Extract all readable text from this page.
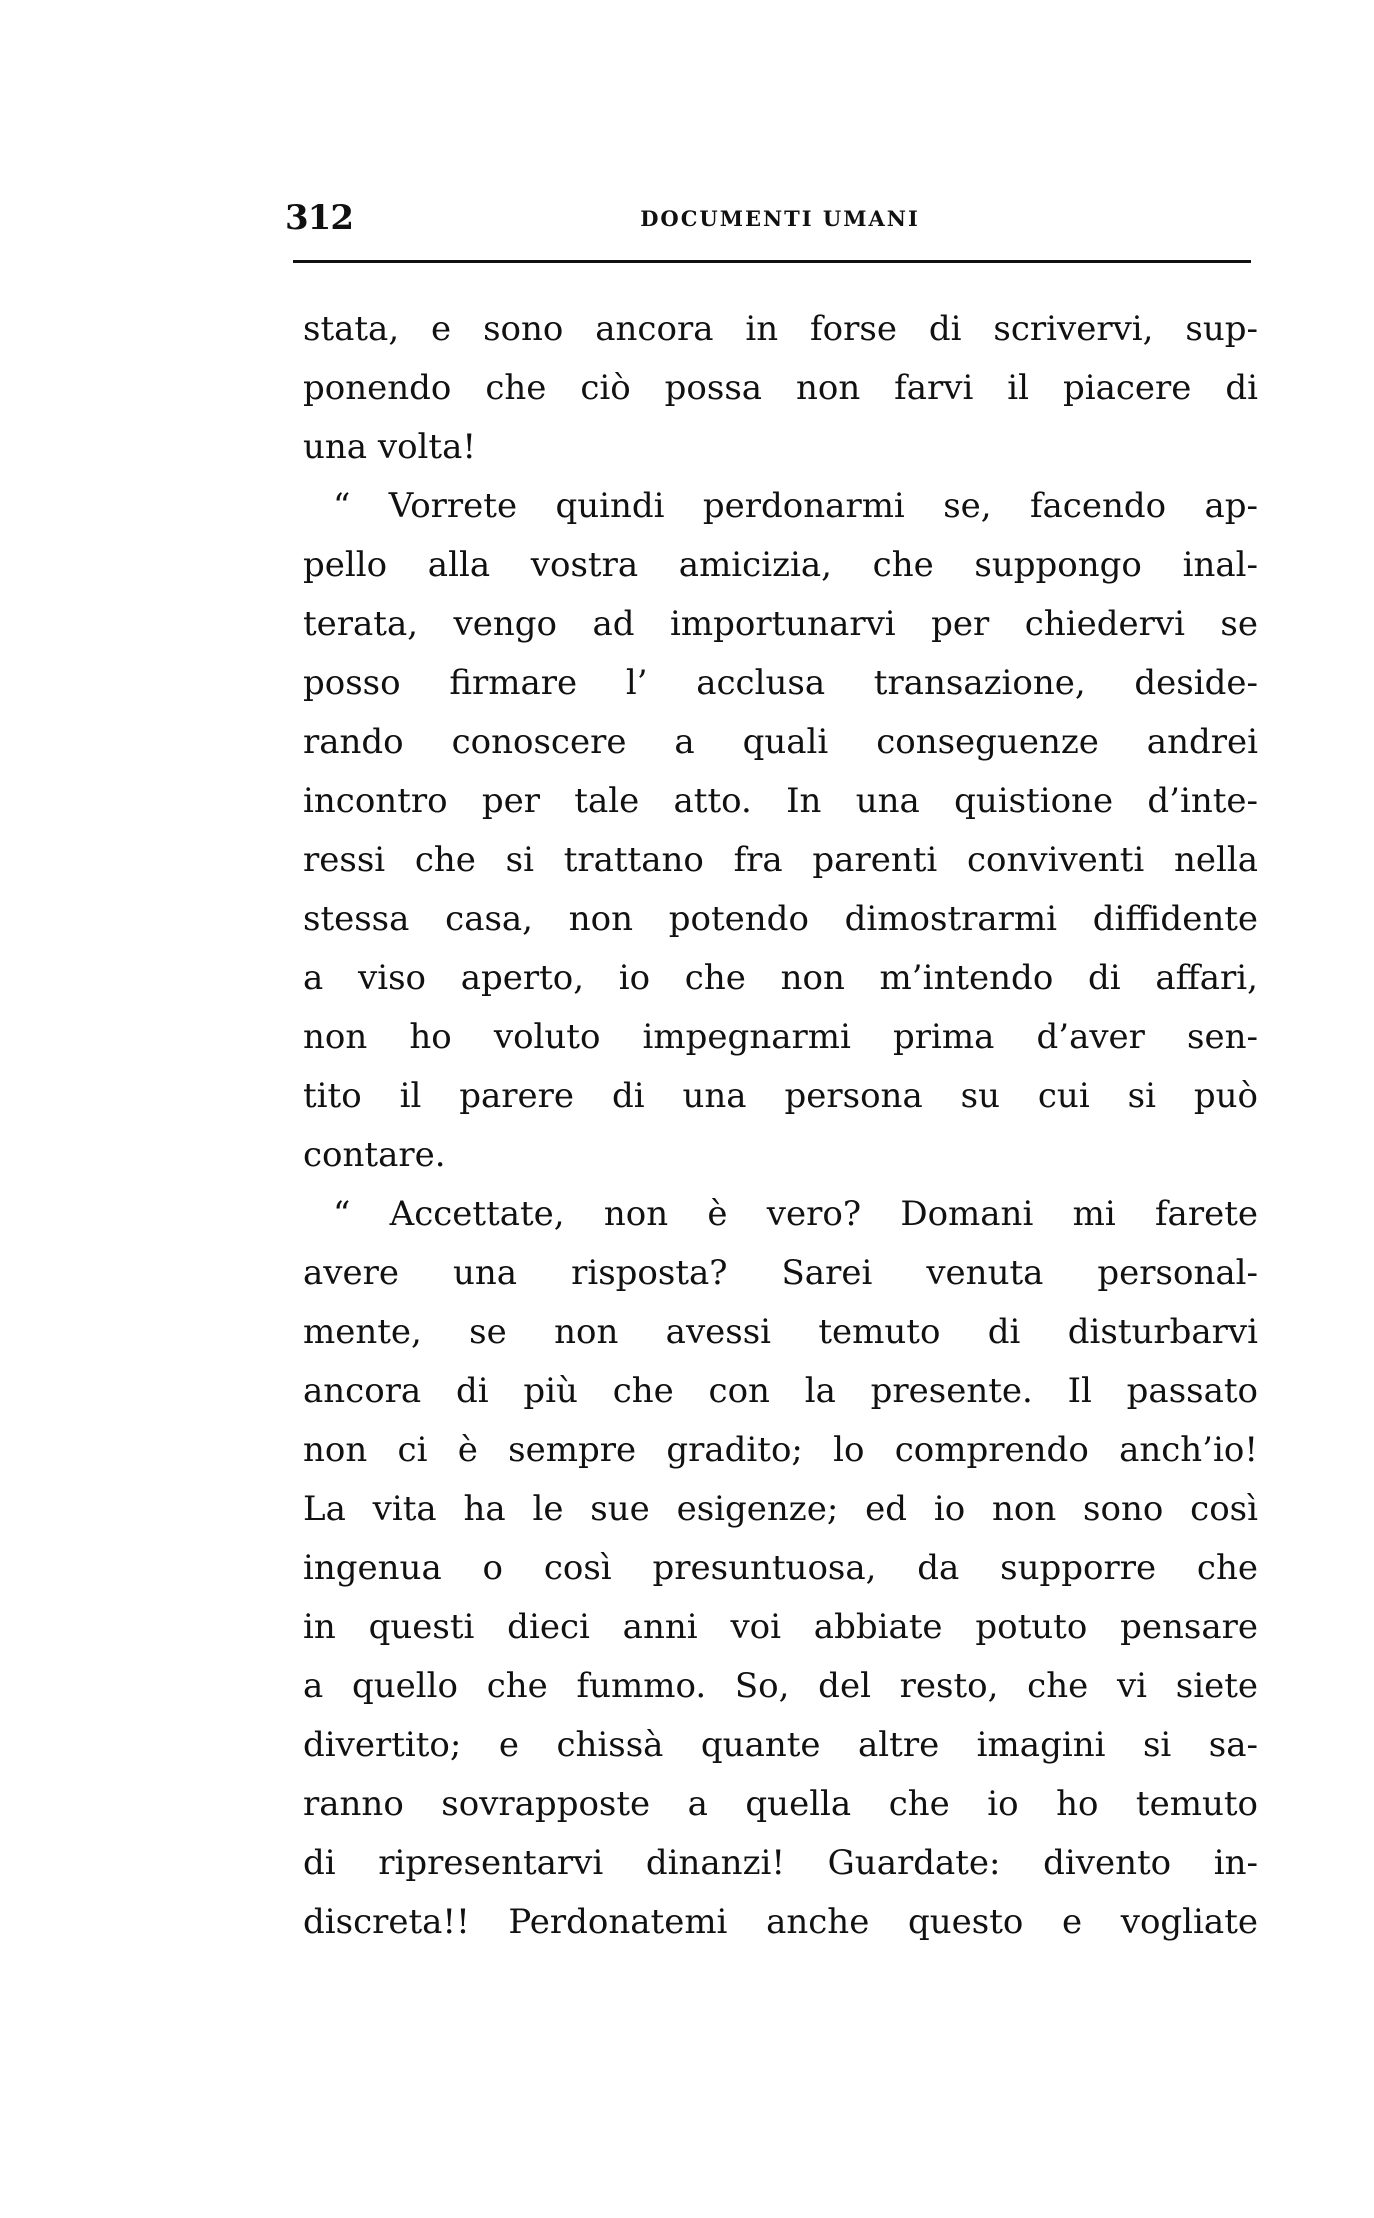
312	DOCUMENTI UMANI
stata, e sono ancora in forse di scrivervi, sup-
ponendo che ciò possa non farvi il piacere di
una volta!
“ Vorrete quindi perdonarmi se, facendo ap-
pello alla vostra amicizia, che suppongo inal-
terata, vengo ad importunarvi per chiedervi se
posso firmare l’ acclusa transazione, deside-
rando conoscere a quali conseguenze andrei
incontro per tale atto. In una quistione d’inte-
ressi che si trattano fra parenti conviventi nella
stessa casa, non potendo dimostrarmi diffidente
a viso aperto, io che non m’intendo di affari,
non ho voluto impegnarmi prima d’aver sen-
tito il parere di una persona su cui si può
contare.
“ Accettate, non è vero? Domani mi farete
avere una risposta? Sarei venuta personal-
mente, se non avessi temuto di disturbarvi
ancora di più che con la presente. Il passato
non ci è sempre gradito; lo comprendo anch’io!
La vita ha le sue esigenze; ed io non sono così
ingenua o così presuntuosa, da supporre che
in questi dieci anni voi abbiate potuto pensare
a quello che fummo. So, del resto, che vi siete
divertito; e chissà quante altre imagini si sa-
ranno sovrapposte a quella che io ho temuto
di ripresentarvi dinanzi! Guardate: divento in-
discreta!! Perdonatemi anche questo e vogliate
